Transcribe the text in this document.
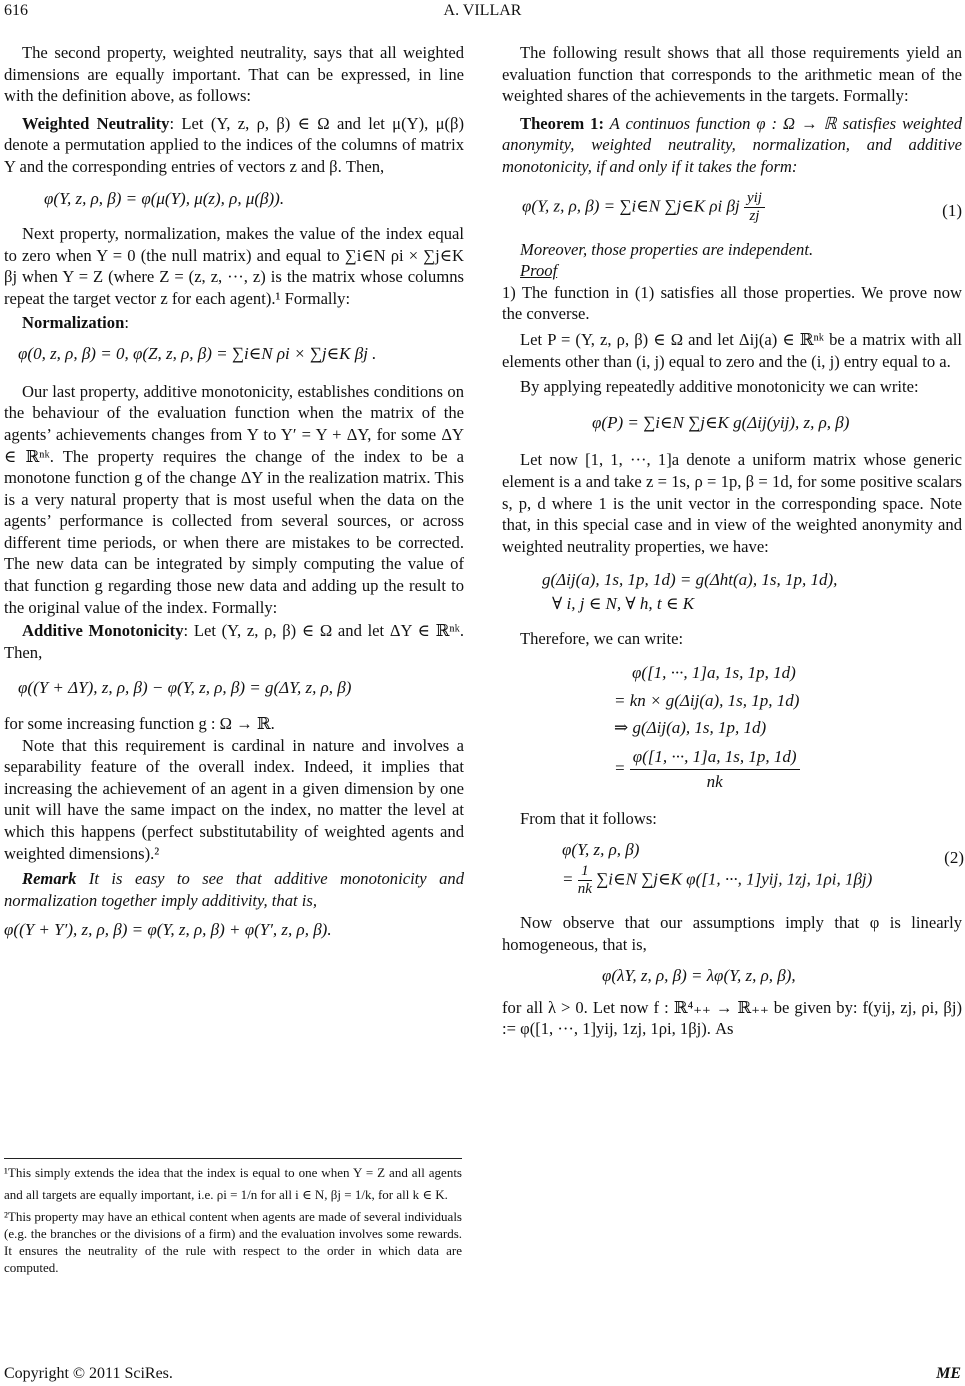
616	A. VILLAR

The second property, weighted neutrality, says that all weighted dimensions are equally important. That can be expressed, in line with the definition above, as follows:

Weighted Neutrality: Let (Y, z, ρ, β) ∈ Ω and let μ(Y), μ(β) denote a permutation applied to the indices of the columns of matrix Y and the corresponding entries of vectors z and β. Then,

φ(Y, z, ρ, β) = φ(μ(Y), μ(z), ρ, μ(β)).

Next property, normalization, makes the value of the index equal to zero when Y = 0 (the null matrix) and equal to ∑i∈N ρi × ∑j∈K βj when Y = Z (where Z = (z, z, ···, z) is the matrix whose columns repeat the target vector z for each agent).¹ Formally:

Normalization:

φ(0, z, ρ, β) = 0, φ(Z, z, ρ, β) = ∑i∈N ρi × ∑j∈K βj .

Our last property, additive monotonicity, establishes conditions on the behaviour of the evaluation function when the matrix of the agents’ achievements changes from Y to Y′ = Y + ΔY, for some ΔY ∈ ℝⁿᵏ. The property requires the change of the index to be a monotone function g of the change ΔY in the realization matrix. This is a very natural property that is most useful when the data on the agents’ performance is collected from several sources, or across different time periods, or when there are mistakes to be corrected. The new data can be integrated by simply computing the value of that function g regarding those new data and adding up the result to the original value of the index. Formally:

Additive Monotonicity: Let (Y, z, ρ, β) ∈ Ω and let ΔY ∈ ℝⁿᵏ. Then,

φ((Y + ΔY), z, ρ, β) − φ(Y, z, ρ, β) = g(ΔY, z, ρ, β)

for some increasing function g : Ω → ℝ.

Note that this requirement is cardinal in nature and involves a separability feature of the overall index. Indeed, it implies that increasing the achievement of an agent in a given dimension by one unit will have the same impact on the index, no matter the level at which this happens (perfect substitutability of weighted agents and weighted dimensions).²

Remark It is easy to see that additive monotonicity and normalization together imply additivity, that is,

φ((Y + Y′), z, ρ, β) = φ(Y, z, ρ, β) + φ(Y′, z, ρ, β).

¹This simply extends the idea that the index is equal to one when Y = Z and all agents and all targets are equally important, i.e. ρi = 1/n for all i ∈ N, βj = 1/k, for all k ∈ K.

²This property may have an ethical content when agents are made of several individuals (e.g. the branches or the divisions of a firm) and the evaluation involves some rewards. It ensures the neutrality of the rule with respect to the order in which data are computed.

The following result shows that all those requirements yield an evaluation function that corresponds to the arithmetic mean of the weighted shares of the achievements in the targets. Formally:

Theorem 1: A continuos function φ : Ω → ℝ satisfies weighted anonymity, weighted neutrality, normalization, and additive monotonicity, if and only if it takes the form:

φ(Y, z, ρ, β) = ∑i∈N ∑j∈K ρi βj $\frac{\text{yij}}{zj}$	(1)

Moreover, those properties are independent.

Proof

1) The function in (1) satisfies all those properties. We prove now the converse.

Let P = (Y, z, ρ, β) ∈ Ω and let Δij(a) ∈ ℝⁿᵏ be a matrix with all elements other than (i, j) equal to zero and the (i, j) entry equal to a.

By applying repeatedly additive monotonicity we can write:

φ(P) = ∑i∈N ∑j∈K g(Δij(yij), z, ρ, β)

Let now [1, 1, ···, 1]a denote a uniform matrix whose generic element is a and take z = 1s, ρ = 1p, β = 1d, for some positive scalars s, p, d where 1 is the unit vector in the corresponding space. Note that, in this special case and in view of the weighted anonymity and weighted neutrality properties, we have:

g(Δij(a), 1s, 1p, 1d) = g(Δht(a), 1s, 1p, 1d),
∀ i, j ∈ N, ∀ h, t ∈ K

Therefore, we can write:

φ([1, ···, 1]a, 1s, 1p, 1d)
= kn × g(Δij(a), 1s, 1p, 1d)
⇒ g(Δij(a), 1s, 1p, 1d)
= $\frac{\varphi([1, \cdot\cdot\cdot, 1]a, 1s, 1p, 1d)}{nk}$

From that it follows:

φ(Y, z, ρ, β)
= $\frac{1}{nk}$ ∑i∈N ∑j∈K φ([1, ···, 1]yij, 1zj, 1ρi, 1βj)
(2)

Now observe that our assumptions imply that φ is linearly homogeneous, that is,

φ(λY, z, ρ, β) = λφ(Y, z, ρ, β),

for all λ > 0. Let now f : ℝ⁴₊₊ → ℝ₊₊ be given by: f(yij, zj, ρi, βj) := φ([1, ···, 1]yij, 1zj, 1ρi, 1βj). As

Copyright © 2011 SciRes.	ME
